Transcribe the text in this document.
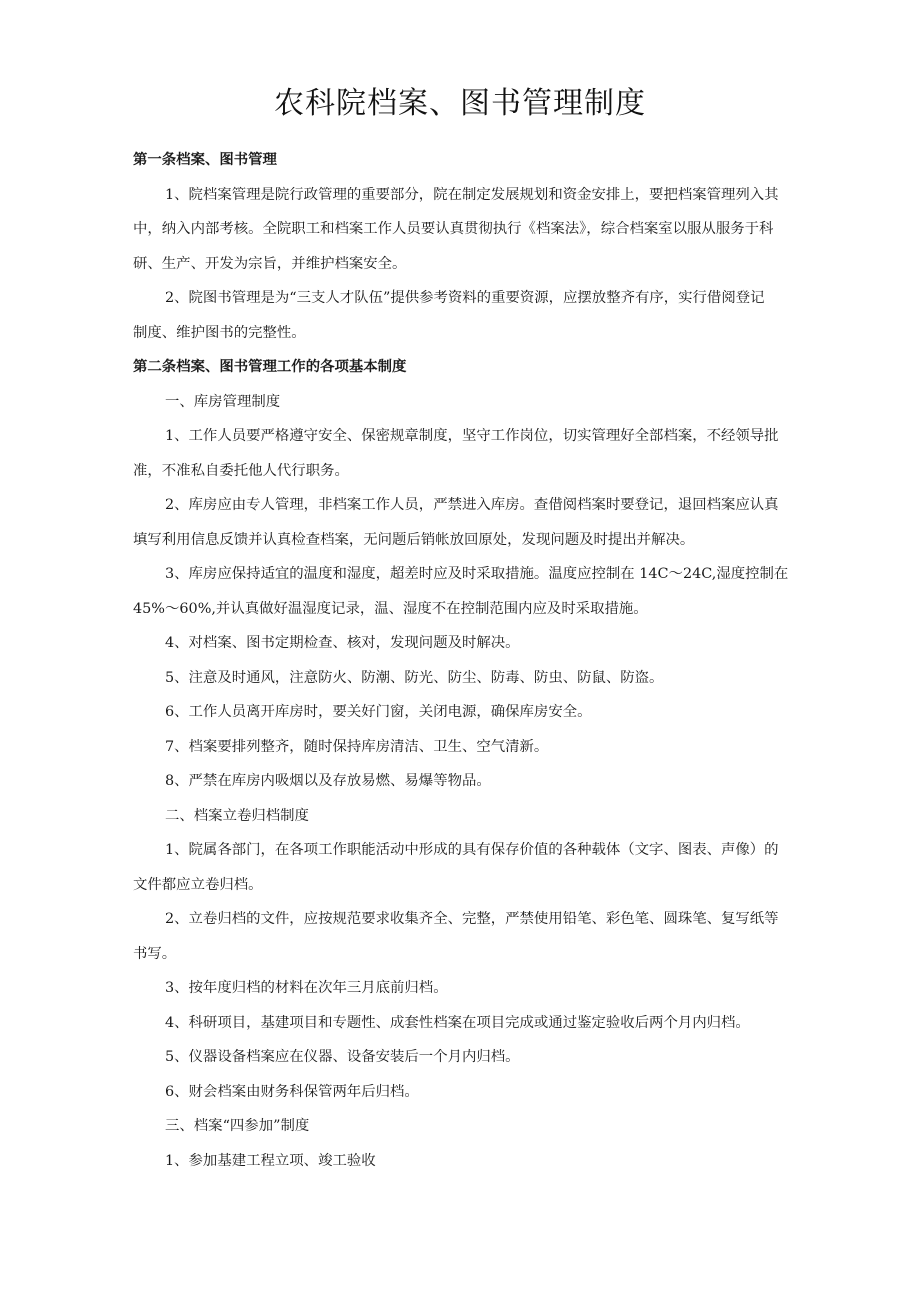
农科院档案、图书管理制度

第一条档案、图书管理

1、院档案管理是院行政管理的重要部分，院在制定发展规划和资金安排上，要把档案管理列入其

中，纳入内部考核。全院职工和档案工作人员要认真贯彻执行《档案法》，综合档案室以服从服务于科

研、生产、开发为宗旨，并维护档案安全。

2、院图书管理是为“三支人才队伍”提供参考资料的重要资源，应摆放整齐有序，实行借阅登记

制度、维护图书的完整性。

第二条档案、图书管理工作的各项基本制度

一、库房管理制度

1、工作人员要严格遵守安全、保密规章制度，坚守工作岗位，切实管理好全部档案，不经领导批

准，不准私自委托他人代行职务。

2、库房应由专人管理，非档案工作人员，严禁进入库房。查借阅档案时要登记，退回档案应认真

填写利用信息反馈并认真检查档案，无问题后销帐放回原处，发现问题及时提出并解决。

3、库房应保持适宜的温度和湿度，超差时应及时采取措施。温度应控制在 14C～24C,湿度控制在

45%～60%,并认真做好温湿度记录，温、湿度不在控制范围内应及时采取措施。

4、对档案、图书定期检查、核对，发现问题及时解决。

5、注意及时通风，注意防火、防潮、防光、防尘、防毒、防虫、防鼠、防盗。

6、工作人员离开库房时，要关好门窗，关闭电源，确保库房安全。

7、档案要排列整齐，随时保持库房清洁、卫生、空气清新。

8、严禁在库房内吸烟以及存放易燃、易爆等物品。

二、档案立卷归档制度

1、院属各部门，在各项工作职能活动中形成的具有保存价值的各种载体（文字、图表、声像）的

文件都应立卷归档。

2、立卷归档的文件，应按规范要求收集齐全、完整，严禁使用铅笔、彩色笔、圆珠笔、复写纸等

书写。

3、按年度归档的材料在次年三月底前归档。

4、科研项目，基建项目和专题性、成套性档案在项目完成或通过鉴定验收后两个月内归档。

5、仪器设备档案应在仪器、设备安装后一个月内归档。

6、财会档案由财务科保管两年后归档。

三、档案“四参加”制度

1、参加基建工程立项、竣工验收
